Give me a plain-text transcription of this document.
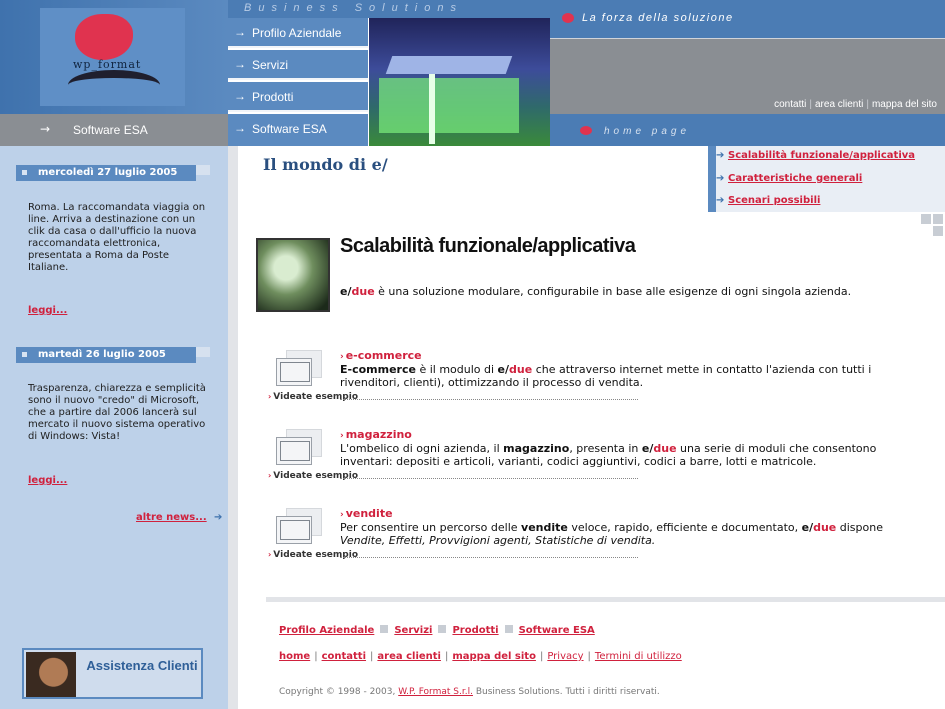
wp_format
→ Software ESA
Business Solutions
→ Profilo Aziendale
→ Servizi
→ Prodotti
→ Software ESA
La forza della soluzione
contatti | area clienti | mappa del sito
home page
mercoledì 27 luglio 2005
Roma. La raccomandata viaggia on line. Arriva a destinazione con un clik da casa o dall'ufficio la nuova raccomandata elettronica, presentata a Roma da Poste Italiane.
leggi...
martedì 26 luglio 2005
Trasparenza, chiarezza e semplicità sono il nuovo "credo" di Microsoft, che a partire dal 2006 lancerà sul mercato il nuovo sistema operativo di Windows: Vista!
leggi...
altre news... ➔
Assistenza Clienti
Il mondo di e/	➔ Scalabilità funzionale/applicativa
➔ Caratteristiche generali
➔ Scenari possibili
Scalabilità funzionale/applicativa
e/due è una soluzione modulare, configurabile in base alle esigenze di ogni singola azienda.
› Videate esempio
› e-commerce
E-commerce è il modulo di e/due che attraverso internet mette in contatto l'azienda con tutti i rivenditori, clienti), ottimizzando il processo di vendita.
› Videate esempio
› magazzino
L'ombelico di ogni azienda, il magazzino, presenta in e/due una serie di moduli che consentono inventari: depositi e articoli, varianti, codici aggiuntivi, codici a barre, lotti e matricole.
› Videate esempio
› vendite
Per consentire un percorso delle vendite veloce, rapido, efficiente e documentato, e/due dispone Vendite, Effetti, Provvigioni agenti, Statistiche di vendita.
Profilo Aziendale Servizi Prodotti Software ESA
home | contatti | area clienti | mappa del sito | Privacy | Termini di utilizzo
Copyright © 1998 - 2003, W.P. Format S.r.l. Business Solutions. Tutti i diritti riservati.
